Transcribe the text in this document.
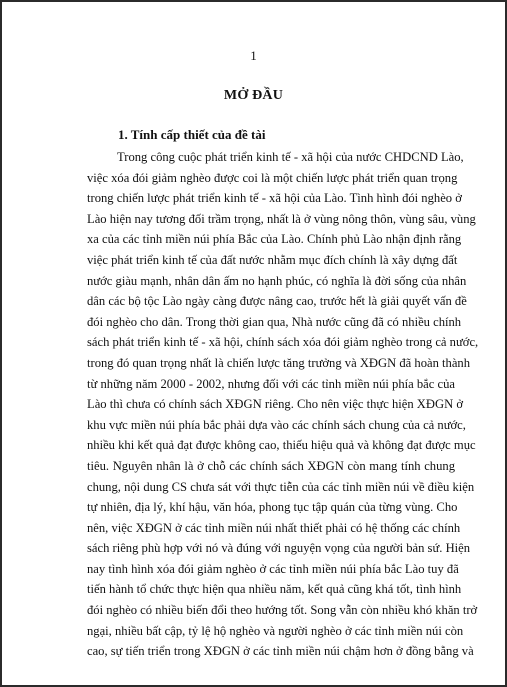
1
MỞ ĐẦU
1. Tính cấp thiết của đề tài
Trong công cuộc phát triển kinh tế - xã hội của nước CHDCND Lào,
việc xóa đói giảm nghèo được coi là một chiến lược phát triển quan trọng
trong chiến lược phát triển kinh tế - xã hội của Lào. Tình hình đói nghèo ở
Lào hiện nay tương đối trầm trọng, nhất là ở vùng nông thôn, vùng sâu, vùng
xa của các tỉnh miền núi phía Bắc của Lào. Chính phủ Lào nhận định rằng
việc phát triển kinh tế của đất nước nhằm mục đích chính là xây dựng đất
nước giàu mạnh, nhân dân ấm no hạnh phúc, có nghĩa là đời sống của nhân
dân các bộ tộc Lào ngày càng được nâng cao, trước hết là giải quyết vấn đề
đói nghèo cho dân. Trong thời gian qua, Nhà nước cũng đã có nhiều chính
sách phát triển kinh tế - xã hội, chính sách xóa đói giảm nghèo trong cả nước,
trong đó quan trọng nhất là chiến lược tăng trưởng và XĐGN đã hoàn thành
từ những năm 2000 - 2002, nhưng đối với các tỉnh miền núi phía bắc của
Lào thì chưa có chính sách XĐGN riêng. Cho nên việc thực hiện XĐGN ở
khu vực miền núi phía bắc phải dựa vào các chính sách chung của cả nước,
nhiều khi kết quả đạt được không cao, thiếu hiệu quả và không đạt được mục
tiêu. Nguyên nhân là ở chỗ các chính sách XĐGN còn mang tính chung
chung, nội dung CS chưa sát với thực tiễn của các tỉnh miền núi về điều kiện
tự nhiên, địa lý, khí hậu, văn hóa, phong tục tập quán của từng vùng. Cho
nên, việc XĐGN ở các tỉnh miền núi nhất thiết phải có hệ thống các chính
sách riêng phù hợp với nó và đúng với nguyện vọng của người bản sứ. Hiện
nay tình hình xóa đói giảm nghèo ở các tỉnh miền núi phía bắc Lào tuy đã
tiến hành tổ chức thực hiện qua nhiều năm, kết quả cũng khá tốt, tình hình
đói nghèo có nhiều biến đổi theo hướng tốt. Song vẫn còn nhiều khó khăn trở
ngại, nhiều bất cập, tỷ lệ hộ nghèo và người nghèo ở các tỉnh miền núi còn
cao, sự tiến triển trong XĐGN ở các tỉnh miền núi chậm hơn ở đồng bằng và
